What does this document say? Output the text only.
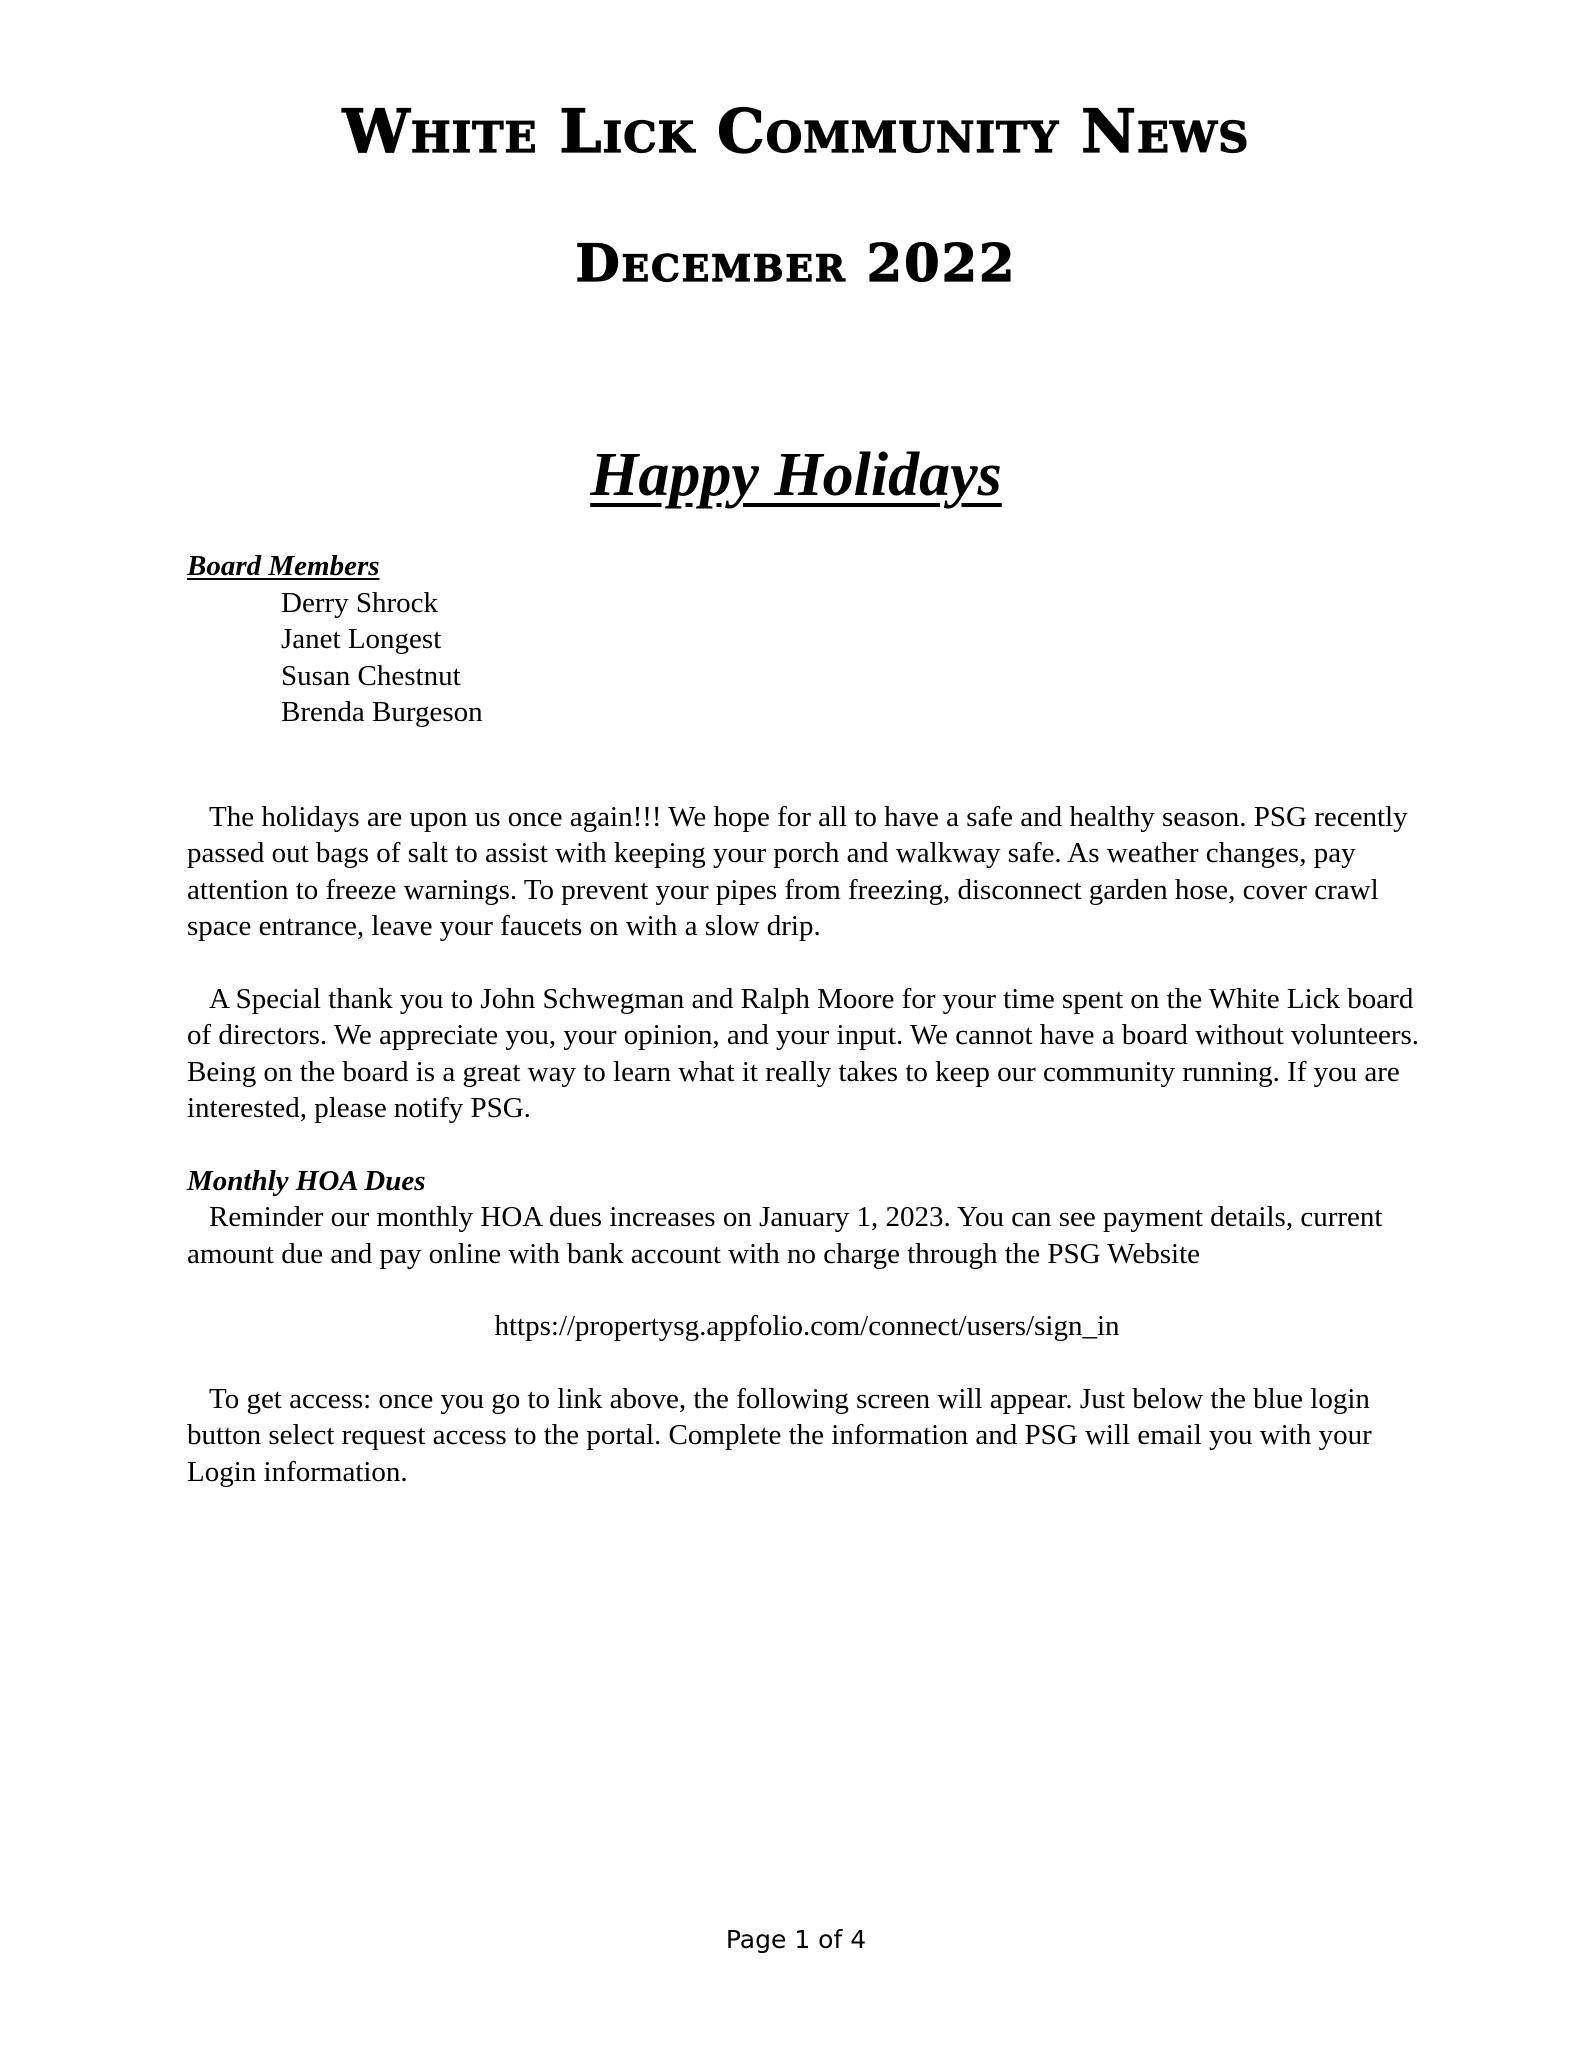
White Lick Community News
December 2022
Happy Holidays

Board Members

Derry Shrock
Janet Longest
Susan Chestnut
Brenda Burgeson

The holidays are upon us once again!!! We hope for all to have a safe and healthy season. PSG recently passed out bags of salt to assist with keeping your porch and walkway safe. As weather changes, pay attention to freeze warnings. To prevent your pipes from freezing, disconnect garden hose, cover crawl space entrance, leave your faucets on with a slow drip.

A Special thank you to John Schwegman and Ralph Moore for your time spent on the White Lick board of directors. We appreciate you, your opinion, and your input. We cannot have a board without volunteers. Being on the board is a great way to learn what it really takes to keep our community running. If you are interested, please notify PSG.

Monthly HOA Dues

Reminder our monthly HOA dues increases on January 1, 2023. You can see payment details, current amount due and pay online with bank account with no charge through the PSG Website

https://propertysg.appfolio.com/connect/users/sign_in

To get access: once you go to link above, the following screen will appear. Just below the blue login button select request access to the portal. Complete the information and PSG will email you with your Login information.

Page 1 of 4
